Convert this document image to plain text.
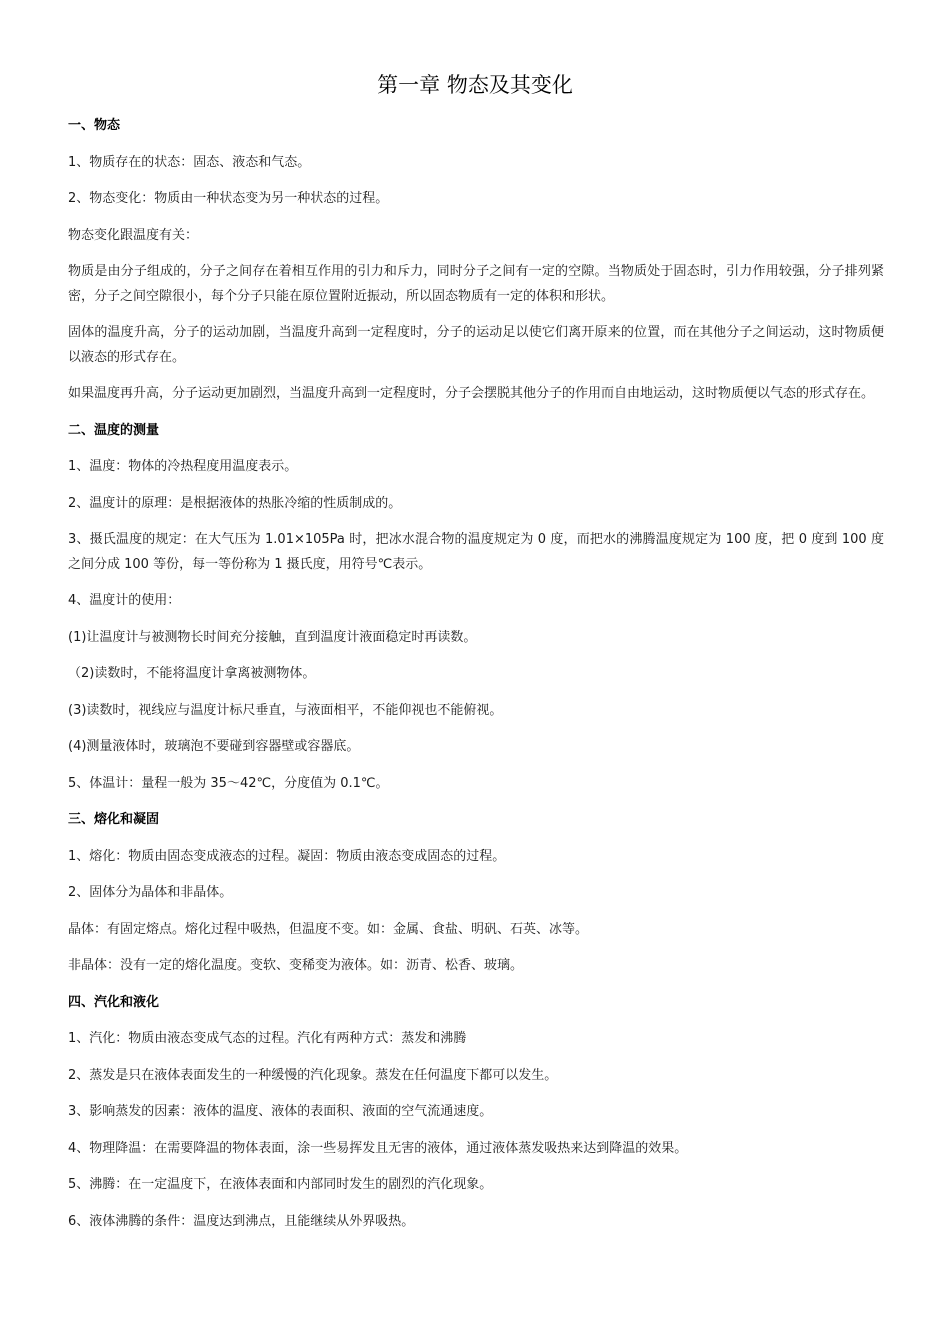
第一章 物态及其变化
一、物态

1、物质存在的状态：固态、液态和气态。

2、物态变化：物质由一种状态变为另一种状态的过程。

物态变化跟温度有关：

物质是由分子组成的，分子之间存在着相互作用的引力和斥力，同时分子之间有一定的空隙。当物质处于固态时，引力作用较强，分子排列紧密，分子之间空隙很小，每个分子只能在原位置附近振动，所以固态物质有一定的体积和形状。

固体的温度升高，分子的运动加剧，当温度升高到一定程度时，分子的运动足以使它们离开原来的位置，而在其他分子之间运动，这时物质便以液态的形式存在。

如果温度再升高，分子运动更加剧烈，当温度升高到一定程度时，分子会摆脱其他分子的作用而自由地运动，这时物质便以气态的形式存在。

二、温度的测量

1、温度：物体的冷热程度用温度表示。

2、温度计的原理：是根据液体的热胀冷缩的性质制成的。

3、摄氏温度的规定：在大气压为 1.01×105Pa 时，把冰水混合物的温度规定为 0 度，而把水的沸腾温度规定为 100 度，把 0 度到 100 度之间分成 100 等份，每一等份称为 1 摄氏度，用符号℃表示。

4、温度计的使用：

(1)让温度计与被测物长时间充分接触，直到温度计液面稳定时再读数。

（2)读数时，不能将温度计拿离被测物体。

(3)读数时，视线应与温度计标尺垂直，与液面相平，不能仰视也不能俯视。

(4)测量液体时，玻璃泡不要碰到容器壁或容器底。

5、体温计：量程一般为 35～42℃，分度值为 0.1℃。

三、熔化和凝固

1、熔化：物质由固态变成液态的过程。凝固：物质由液态变成固态的过程。

2、固体分为晶体和非晶体。

晶体：有固定熔点。熔化过程中吸热，但温度不变。如：金属、食盐、明矾、石英、冰等。

非晶体：没有一定的熔化温度。变软、变稀变为液体。如：沥青、松香、玻璃。

四、汽化和液化

1、汽化：物质由液态变成气态的过程。汽化有两种方式：蒸发和沸腾

2、蒸发是只在液体表面发生的一种缓慢的汽化现象。蒸发在任何温度下都可以发生。

3、影响蒸发的因素：液体的温度、液体的表面积、液面的空气流通速度。

4、物理降温：在需要降温的物体表面，涂一些易挥发且无害的液体，通过液体蒸发吸热来达到降温的效果。

5、沸腾：在一定温度下，在液体表面和内部同时发生的剧烈的汽化现象。

6、液体沸腾的条件：温度达到沸点，且能继续从外界吸热。
